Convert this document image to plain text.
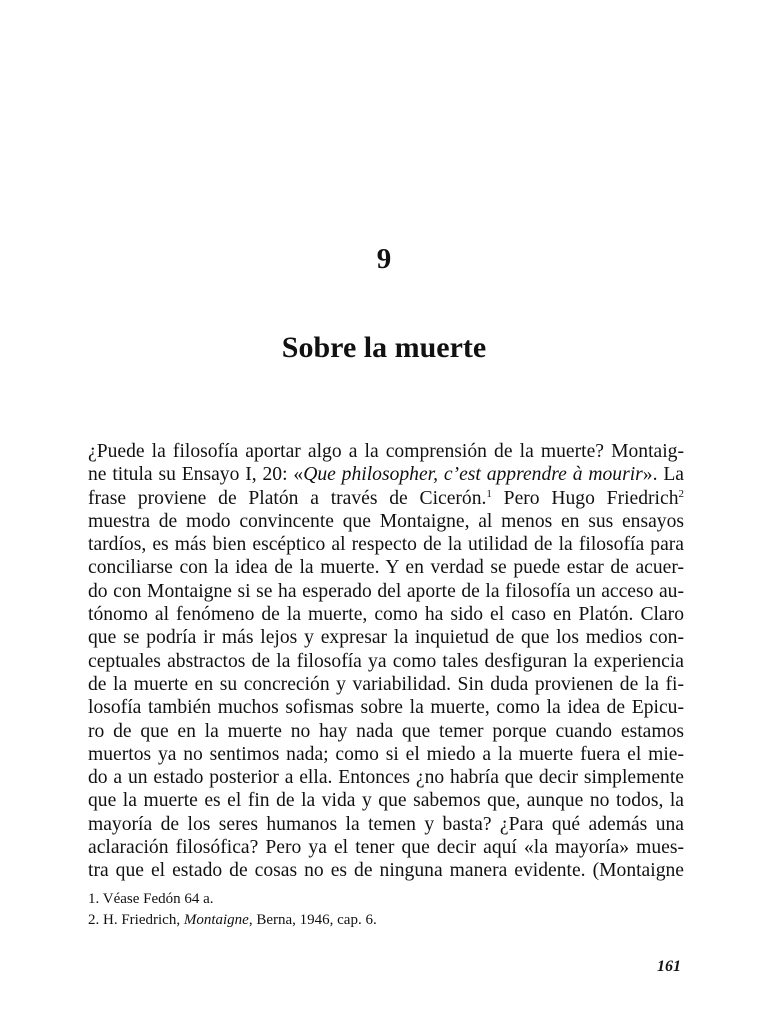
9
Sobre la muerte
¿Puede la filosofía aportar algo a la comprensión de la muerte? Montaig-
ne titula su Ensayo I, 20: «Que philosopher, c’est apprendre à mourir». La
frase proviene de Platón a través de Cicerón.$^1$ Pero Hugo Friedrich$^2$
muestra de modo convincente que Montaigne, al menos en sus ensayos
tardíos, es más bien escéptico al respecto de la utilidad de la filosofía para
conciliarse con la idea de la muerte. Y en verdad se puede estar de acuer-
do con Montaigne si se ha esperado del aporte de la filosofía un acceso au-
tónomo al fenómeno de la muerte, como ha sido el caso en Platón. Claro
que se podría ir más lejos y expresar la inquietud de que los medios con-
ceptuales abstractos de la filosofía ya como tales desfiguran la experiencia
de la muerte en su concreción y variabilidad. Sin duda provienen de la fi-
losofía también muchos sofismas sobre la muerte, como la idea de Epicu-
ro de que en la muerte no hay nada que temer porque cuando estamos
muertos ya no sentimos nada; como si el miedo a la muerte fuera el mie-
do a un estado posterior a ella. Entonces ¿no habría que decir simplemente
que la muerte es el fin de la vida y que sabemos que, aunque no todos, la
mayoría de los seres humanos la temen y basta? ¿Para qué además una
aclaración filosófica? Pero ya el tener que decir aquí «la mayoría» mues-
tra que el estado de cosas no es de ninguna manera evidente. (Montaigne
1. Véase Fedón 64 a.
2. H. Friedrich, Montaigne, Berna, 1946, cap. 6.
161
